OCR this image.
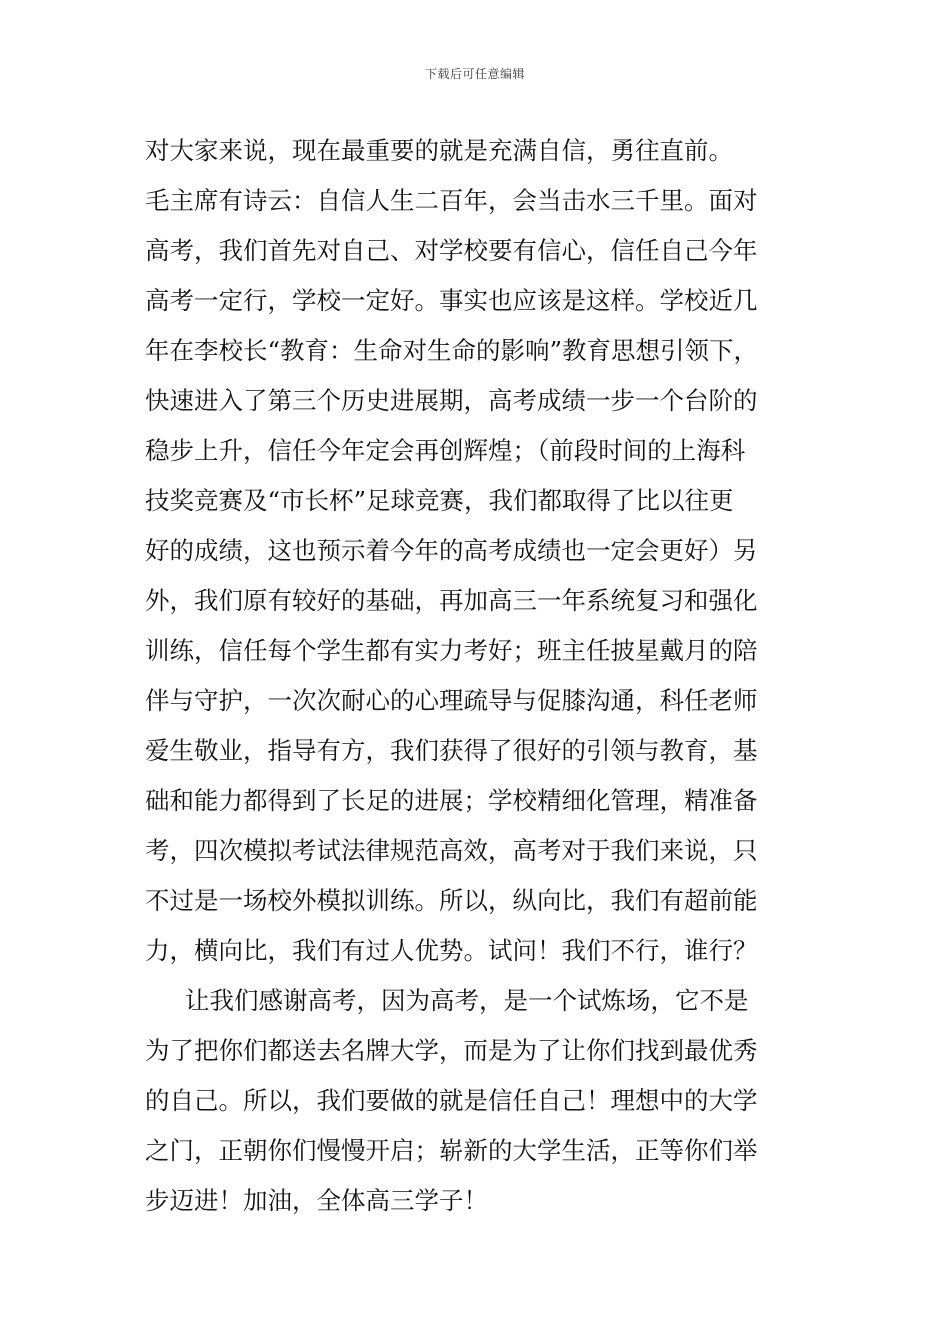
下载后可任意编辑
对大家来说，现在最重要的就是充满自信，勇往直前。
毛主席有诗云：自信人生二百年，会当击水三千里。面对
高考，我们首先对自己、对学校要有信心，信任自己今年
高考一定行，学校一定好。事实也应该是这样。学校近几
年在李校长“教育：生命对生命的影响”教育思想引领下，
快速进入了第三个历史进展期，高考成绩一步一个台阶的
稳步上升，信任今年定会再创辉煌；（前段时间的上海科
技奖竞赛及“市长杯”足球竞赛，我们都取得了比以往更
好的成绩，这也预示着今年的高考成绩也一定会更好）另
外，我们原有较好的基础，再加高三一年系统复习和强化
训练，信任每个学生都有实力考好；班主任披星戴月的陪
伴与守护，一次次耐心的心理疏导与促膝沟通，科任老师
爱生敬业，指导有方，我们获得了很好的引领与教育，基
础和能力都得到了长足的进展；学校精细化管理，精准备
考，四次模拟考试法律规范高效，高考对于我们来说，只
不过是一场校外模拟训练。所以，纵向比，我们有超前能
力，横向比，我们有过人优势。试问！我们不行，谁行？
让我们感谢高考，因为高考，是一个试炼场，它不是
为了把你们都送去名牌大学，而是为了让你们找到最优秀
的自己。所以，我们要做的就是信任自己！理想中的大学
之门，正朝你们慢慢开启；崭新的大学生活，正等你们举
步迈进！加油，全体高三学子！
